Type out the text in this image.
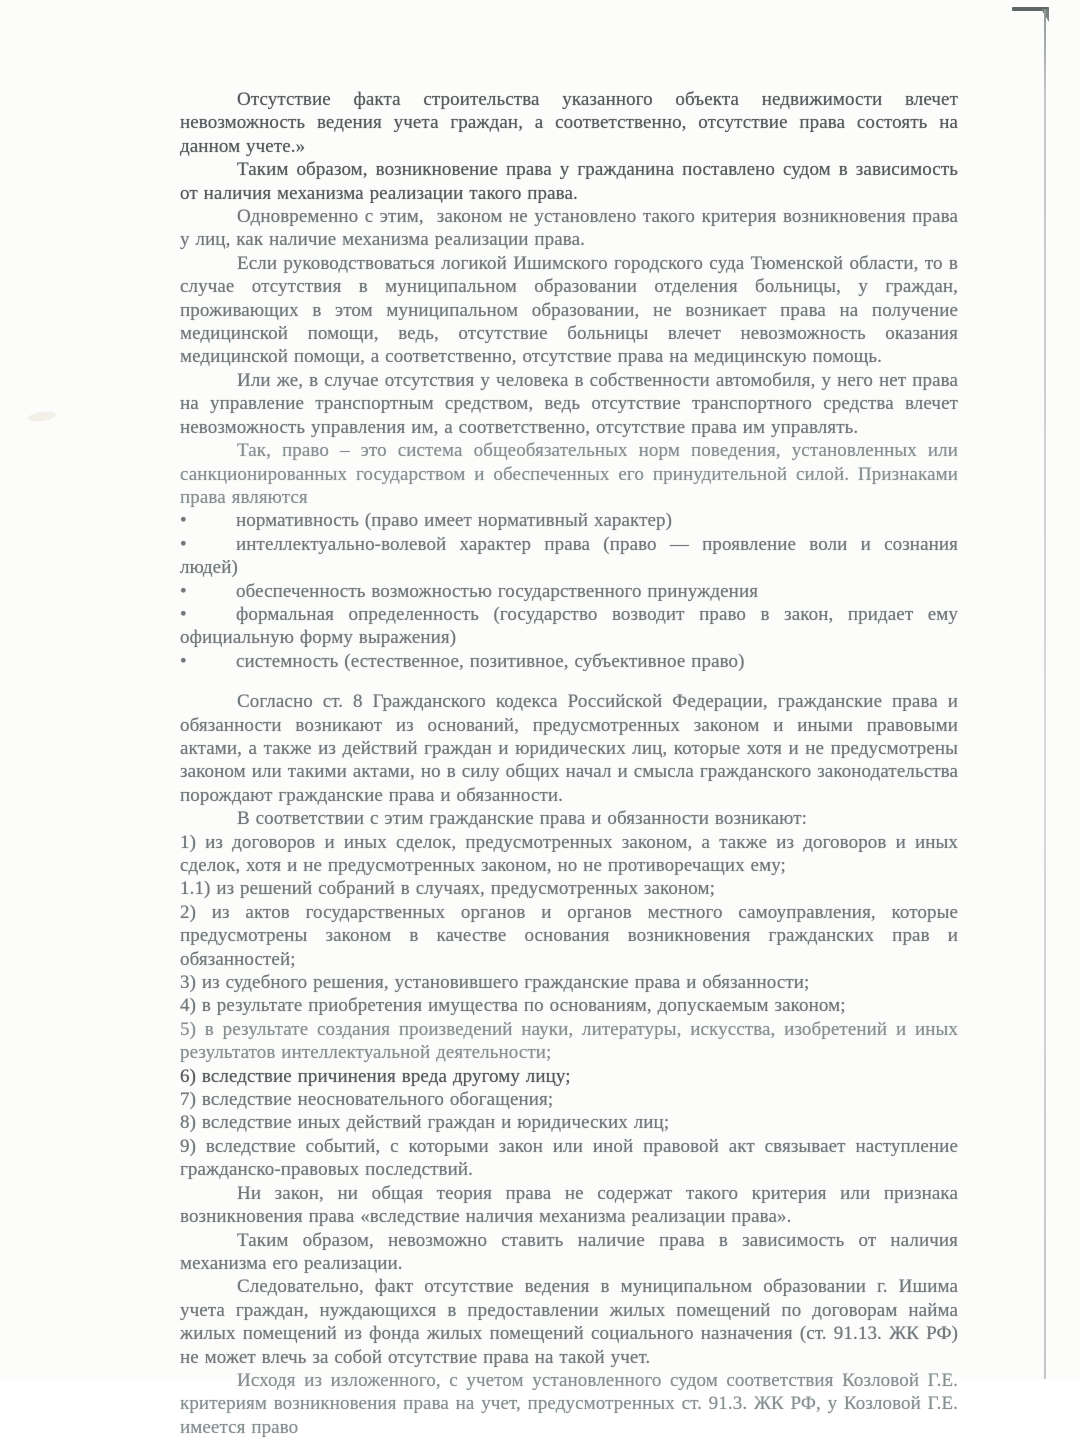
Отсутствие факта строительства указанного объекта недвижимости влечет невозможность ведения учета граждан, а соответственно, отсутствие права состоять на данном учете.»
Таким образом, возникновение права у гражданина поставлено судом в зависимость от наличия механизма реализации такого права.
Одновременно с этим,  законом не установлено такого критерия возникновения права у лиц, как наличие механизма реализации права.
Если руководствоваться логикой Ишимского городского суда Тюменской области, то в случае отсутствия в муниципальном образовании отделения больницы, у граждан, проживающих в этом муниципальном образовании, не возникает права на получение медицинской помощи, ведь, отсутствие больницы влечет невозможность оказания медицинской помощи, а соответственно, отсутствие права на медицинскую помощь.
Или же, в случае отсутствия у человека в собственности автомобиля, у него нет права на управление транспортным средством, ведь отсутствие транспортного средства влечет невозможность управления им, а соответственно, отсутствие права им управлять.
Так, право – это система общеобязательных норм поведения, установленных или санкционированных государством и обеспеченных его принудительной силой. Признаками права являются
•	нормативность (право имеет нормативный характер)
•	интеллектуально-волевой характер права (право — проявление воли и сознания людей)
•	обеспеченность возможностью государственного принуждения
•	формальная определенность (государство возводит право в закон, придает ему официальную форму выражения)
•	системность (естественное, позитивное, субъективное право)
Согласно ст. 8 Гражданского кодекса Российской Федерации, гражданские права и обязанности возникают из оснований, предусмотренных законом и иными правовыми актами, а также из действий граждан и юридических лиц, которые хотя и не предусмотрены законом или такими актами, но в силу общих начал и смысла гражданского законодательства порождают гражданские права и обязанности.
В соответствии с этим гражданские права и обязанности возникают:
1) из договоров и иных сделок, предусмотренных законом, а также из договоров и иных сделок, хотя и не предусмотренных законом, но не противоречащих ему;
1.1) из решений собраний в случаях, предусмотренных законом;
2) из актов государственных органов и органов местного самоуправления, которые предусмотрены законом в качестве основания возникновения гражданских прав и обязанностей;
3) из судебного решения, установившего гражданские права и обязанности;
4) в результате приобретения имущества по основаниям, допускаемым законом;
5) в результате создания произведений науки, литературы, искусства, изобретений и иных результатов интеллектуальной деятельности;
6) вследствие причинения вреда другому лицу;
7) вследствие неосновательного обогащения;
8) вследствие иных действий граждан и юридических лиц;
9) вследствие событий, с которыми закон или иной правовой акт связывает наступление гражданско-правовых последствий.
Ни закон, ни общая теория права не содержат такого критерия или признака возникновения права «вследствие наличия механизма реализации права».
Таким образом, невозможно ставить наличие права в зависимость от наличия механизма его реализации.
Следовательно, факт отсутствие ведения в муниципальном образовании г. Ишима учета граждан, нуждающихся в предоставлении жилых помещений по договорам найма жилых помещений из фонда жилых помещений социального назначения (ст. 91.13. ЖК РФ) не может влечь за собой отсутствие права на такой учет.
Исходя из изложенного, с учетом установленного судом соответствия Козловой Г.Е. критериям возникновения права на учет, предусмотренных ст. 91.3. ЖК РФ, у Козловой Г.Е. имеется право
